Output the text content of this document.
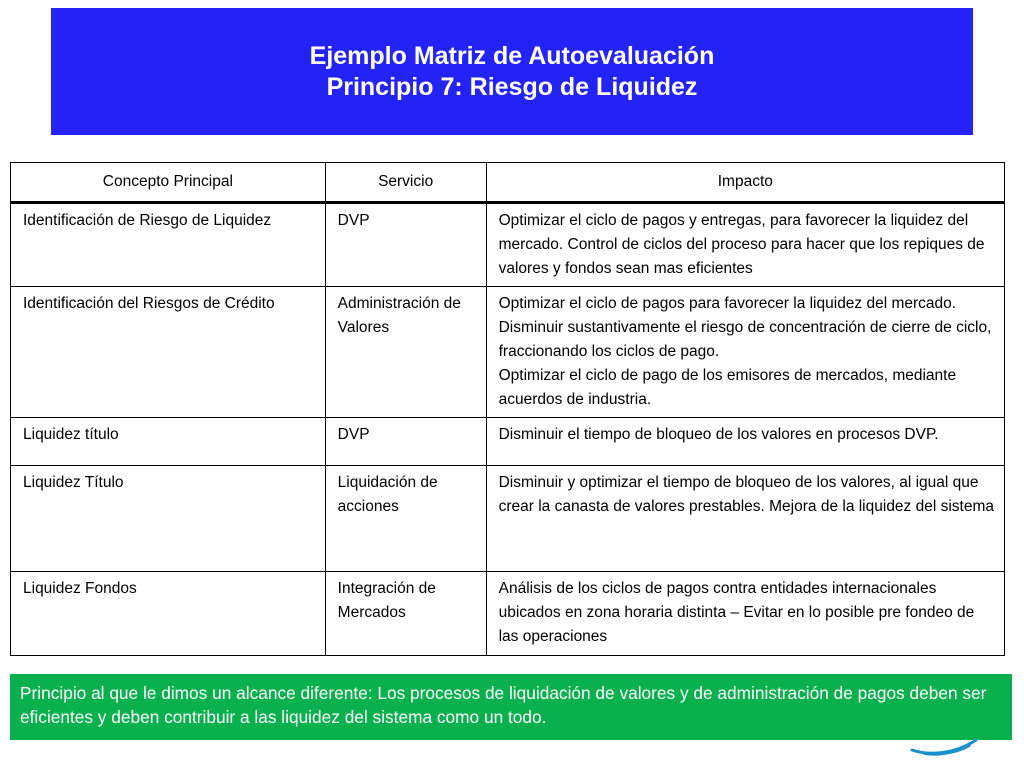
Ejemplo Matriz de Autoevaluación
Principio 7: Riesgo de Liquidez
Concepto Principal	Servicio	Impacto
Identificación de Riesgo de Liquidez	DVP	Optimizar el ciclo de pagos y entregas, para favorecer la liquidez del mercado. Control de ciclos del proceso para hacer que los repiques de valores y fondos sean mas eficientes

Identificación del Riesgos de Crédito	Administración de Valores	Optimizar el ciclo de pagos para favorecer la liquidez del mercado.
Disminuir sustantivamente el riesgo de concentración de cierre de ciclo, fraccionando los ciclos de pago.
Optimizar el ciclo de pago de los emisores de mercados, mediante acuerdos de industria.

Liquidez título	DVP	Disminuir el tiempo de bloqueo de los valores en procesos DVP.

Liquidez Título	Liquidación de acciones	Disminuir y optimizar el tiempo de bloqueo de los valores, al igual que crear la canasta de valores prestables. Mejora de la liquidez del sistema

Liquidez Fondos	Integración de Mercados	Análisis de los ciclos de pagos contra entidades internacionales ubicados en zona horaria distinta – Evitar en lo posible pre fondeo de las operaciones
Principio al que le dimos un alcance diferente: Los procesos de liquidación de valores y de administración de pagos deben ser eficientes y deben contribuir a las liquidez del sistema como un todo.
